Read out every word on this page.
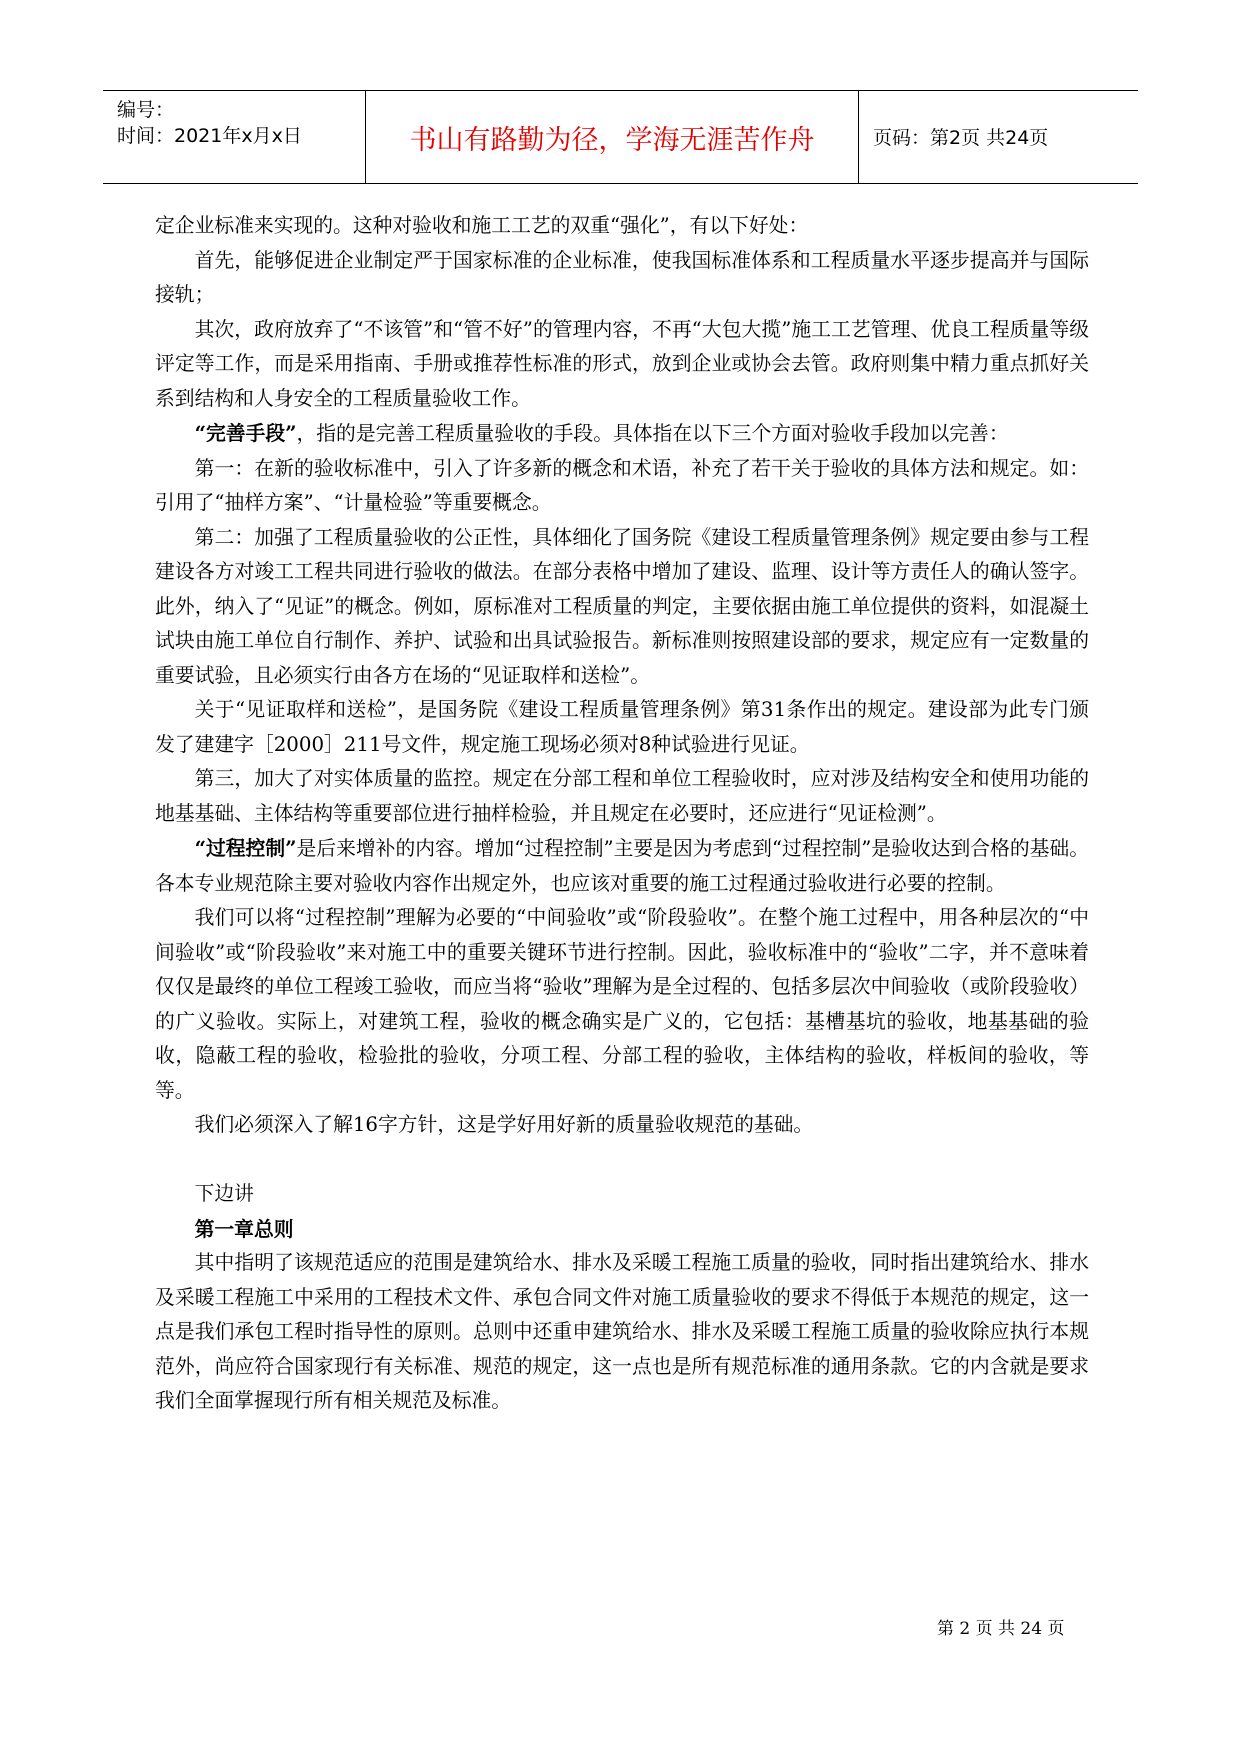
编号：
时间：2021年x月x日	书山有路勤为径，学海无涯苦作舟	页码：第2页 共24页

定企业标准来实现的。这种对验收和施工工艺的双重“强化”，有以下好处：

首先，能够促进企业制定严于国家标准的企业标准，使我国标准体系和工程质量水平逐步提高并与国际接轨；

其次，政府放弃了“不该管”和“管不好”的管理内容，不再“大包大揽”施工工艺管理、优良工程质量等级评定等工作，而是采用指南、手册或推荐性标准的形式，放到企业或协会去管。政府则集中精力重点抓好关系到结构和人身安全的工程质量验收工作。

“完善手段”，指的是完善工程质量验收的手段。具体指在以下三个方面对验收手段加以完善：

第一：在新的验收标准中，引入了许多新的概念和术语，补充了若干关于验收的具体方法和规定。如：引用了“抽样方案”、“计量检验”等重要概念。

第二：加强了工程质量验收的公正性，具体细化了国务院《建设工程质量管理条例》规定要由参与工程建设各方对竣工工程共同进行验收的做法。在部分表格中增加了建设、监理、设计等方责任人的确认签字。此外，纳入了“见证”的概念。例如，原标准对工程质量的判定，主要依据由施工单位提供的资料，如混凝土试块由施工单位自行制作、养护、试验和出具试验报告。新标准则按照建设部的要求，规定应有一定数量的重要试验，且必须实行由各方在场的“见证取样和送检”。

关于“见证取样和送检”，是国务院《建设工程质量管理条例》第31条作出的规定。建设部为此专门颁发了建建字［2000］211号文件，规定施工现场必须对8种试验进行见证。

第三，加大了对实体质量的监控。规定在分部工程和单位工程验收时，应对涉及结构安全和使用功能的地基基础、主体结构等重要部位进行抽样检验，并且规定在必要时，还应进行“见证检测”。

“过程控制”是后来增补的内容。增加“过程控制”主要是因为考虑到“过程控制”是验收达到合格的基础。各本专业规范除主要对验收内容作出规定外，也应该对重要的施工过程通过验收进行必要的控制。

我们可以将“过程控制”理解为必要的“中间验收”或“阶段验收”。在整个施工过程中，用各种层次的“中间验收”或“阶段验收”来对施工中的重要关键环节进行控制。因此，验收标准中的“验收”二字，并不意味着仅仅是最终的单位工程竣工验收，而应当将“验收”理解为是全过程的、包括多层次中间验收（或阶段验收）的广义验收。实际上，对建筑工程，验收的概念确实是广义的，它包括：基槽基坑的验收，地基基础的验收，隐蔽工程的验收，检验批的验收，分项工程、分部工程的验收，主体结构的验收，样板间的验收，等等。

我们必须深入了解16字方针，这是学好用好新的质量验收规范的基础。

下边讲

第一章总则

其中指明了该规范适应的范围是建筑给水、排水及采暖工程施工质量的验收，同时指出建筑给水、排水及采暖工程施工中采用的工程技术文件、承包合同文件对施工质量验收的要求不得低于本规范的规定，这一点是我们承包工程时指导性的原则。总则中还重申建筑给水、排水及采暖工程施工质量的验收除应执行本规范外，尚应符合国家现行有关标准、规范的规定，这一点也是所有规范标准的通用条款。它的内含就是要求我们全面掌握现行所有相关规范及标准。

第 2 页 共 24 页
